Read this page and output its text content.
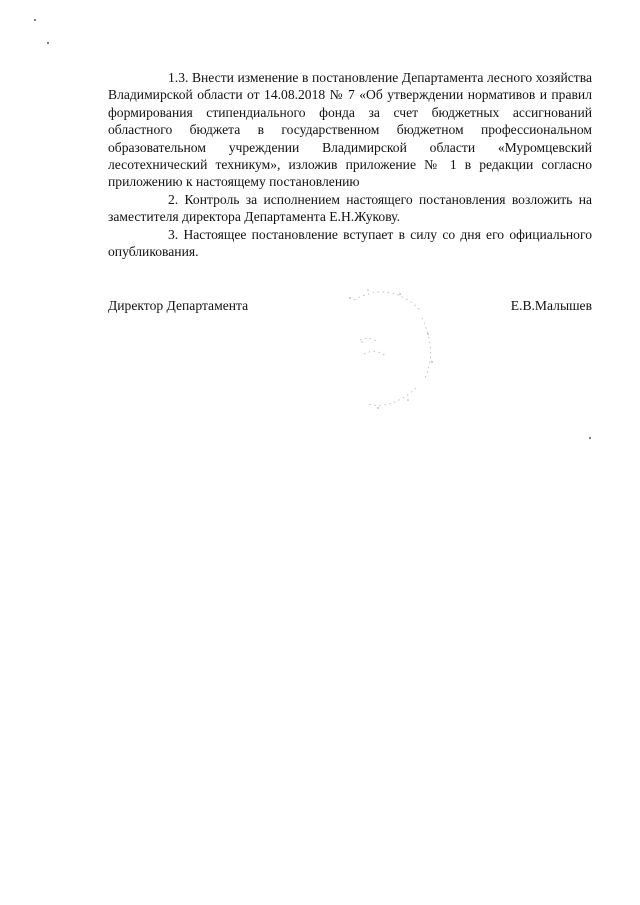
1.3. Внести изменение в постановление Департамента лесного хозяйства Владимирской области от 14.08.2018 № 7 «Об утверждении нормативов и правил формирования стипендиального фонда за счет бюджетных ассигнований областного бюджета в государственном бюджетном профессиональном образовательном учреждении Владимирской области «Муромцевский лесотехнический техникум», изложив приложение № 1 в редакции согласно приложению к настоящему постановлению

2. Контроль за исполнением настоящего постановления возложить на заместителя директора Департамента Е.Н.Жукову.

3. Настоящее постановление вступает в силу со дня его официального опубликования.

Директор Департамента	Е.В.Малышев
